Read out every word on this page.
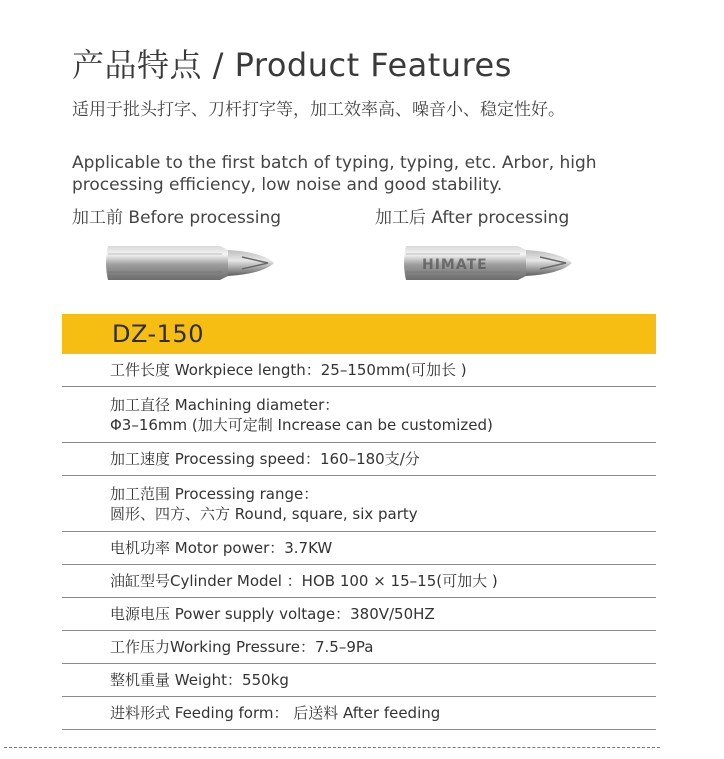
产品特点 / Product Features
适用于批头打字、刀杆打字等，加工效率高、噪音小、稳定性好。
Applicable to the first batch of typing, typing, etc. Arbor, high processing efficiency, low noise and good stability.
加工前 Before processing	加工后 After processing
HIMATE
DZ-150
工件长度 Workpiece length：25–150mm(可加长 )
加工直径 Machining diameter：
Φ3–16mm (加大可定制 Increase can be customized)
加工速度 Processing speed：160–180支/分
加工范围 Processing range：
圆形、四方、六方 Round, square, six party
电机功率 Motor power：3.7KW
油缸型号Cylinder Model ：HOB 100 × 15–15(可加大 )
电源电压 Power supply voltage：380V/50HZ
工作压力Working Pressure：7.5–9Pa
整机重量 Weight：550kg
进料形式 Feeding form： 后送料 After feeding
